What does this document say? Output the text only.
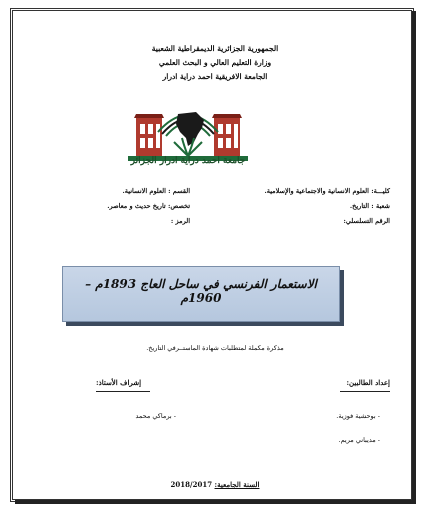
الجمهورية الجزائرية الديمقراطية الشعبية
وزارة التعليم العالي و البحث العلمي
الجامعة الافريقية احمد دراية ادرار
جامعة احمد دراية ادرار الجزائر
كليـــة: العلوم الانسانية والاجتماعية والإسلامية.
شعبة : التاريخ.
الرقم التسلسلي:
القسم : العلوم الانسانية.
تخصص: تاريخ حديث و معاصر.
الرمز :
الاستعمار الفرنسي في ساحل العاج 1893م – 1960م
مذكرة مكملة لمتطلبات شهادة الماستــرفي التاريخ.
إعداد الطالبين:
إشراف الأستاذ:
- بوحشية فوزية.
- مديباني مريم.
- برماكي محمد
السنة الجامعية: 2018/2017
